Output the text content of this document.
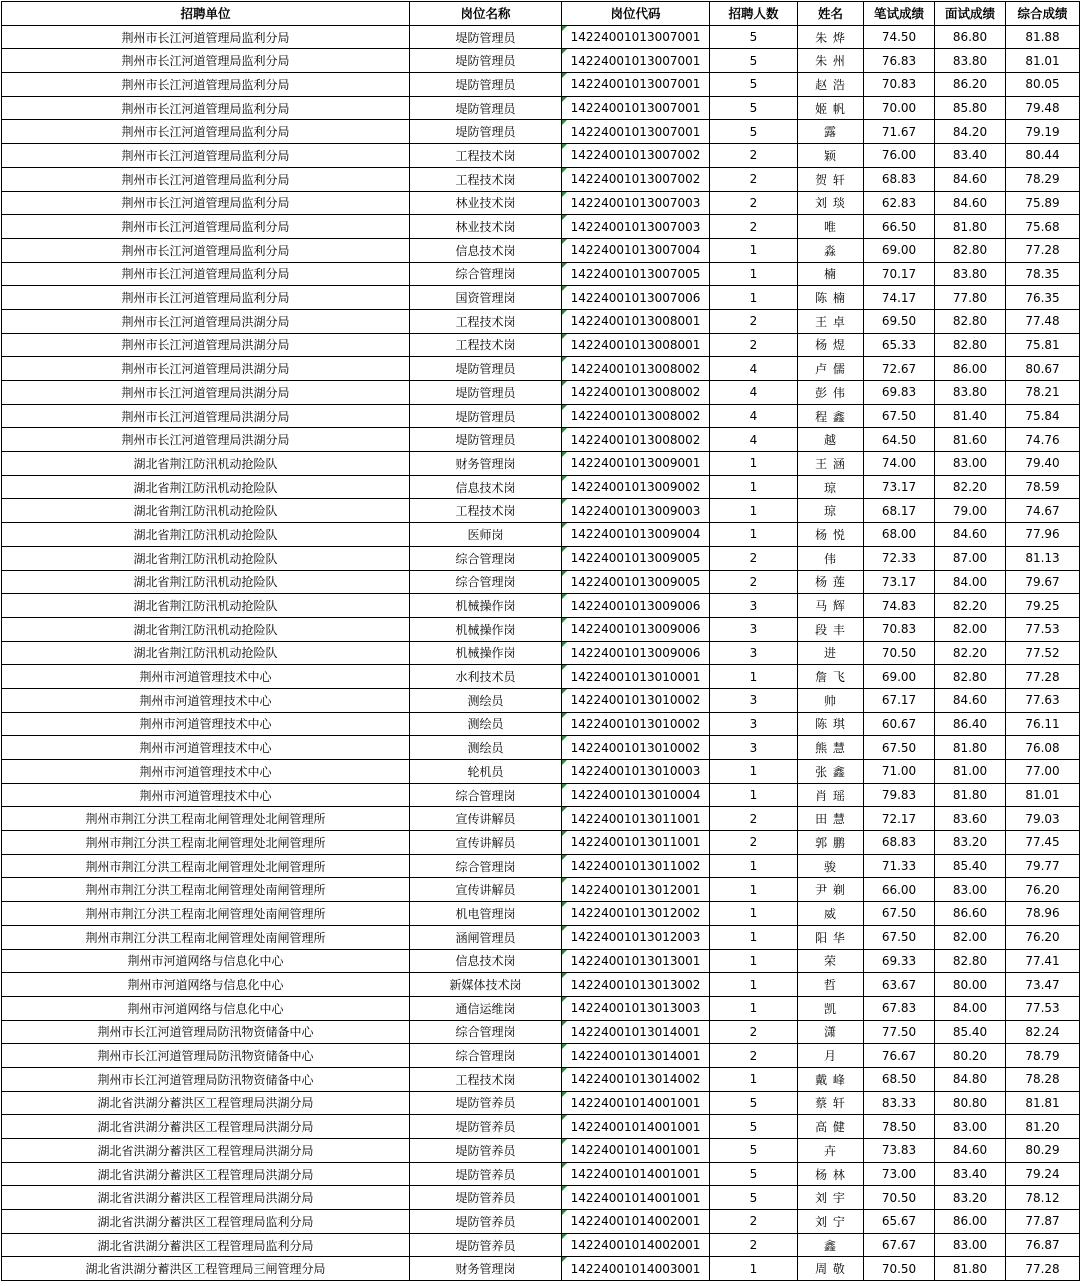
招聘单位	岗位名称	岗位代码	招聘人数	姓名	笔试成绩	面试成绩	综合成绩
荆州市长江河道管理局监利分局	堤防管理员	14224001013007001	5	朱 烨	74.50	86.80	81.88
荆州市长江河道管理局监利分局	堤防管理员	14224001013007001	5	朱 州	76.83	83.80	81.01
荆州市长江河道管理局监利分局	堤防管理员	14224001013007001	5	赵 浩	70.83	86.20	80.05
荆州市长江河道管理局监利分局	堤防管理员	14224001013007001	5	姬 帆	70.00	85.80	79.48
荆州市长江河道管理局监利分局	堤防管理员	14224001013007001	5	露	71.67	84.20	79.19
荆州市长江河道管理局监利分局	工程技术岗	14224001013007002	2	颖	76.00	83.40	80.44
荆州市长江河道管理局监利分局	工程技术岗	14224001013007002	2	贺 轩	68.83	84.60	78.29
荆州市长江河道管理局监利分局	林业技术岗	14224001013007003	2	刘 琰	62.83	84.60	75.89
荆州市长江河道管理局监利分局	林业技术岗	14224001013007003	2	唯	66.50	81.80	75.68
荆州市长江河道管理局监利分局	信息技术岗	14224001013007004	1	淼	69.00	82.80	77.28
荆州市长江河道管理局监利分局	综合管理岗	14224001013007005	1	楠	70.17	83.80	78.35
荆州市长江河道管理局监利分局	国资管理岗	14224001013007006	1	陈 楠	74.17	77.80	76.35
荆州市长江河道管理局洪湖分局	工程技术岗	14224001013008001	2	王 卓	69.50	82.80	77.48
荆州市长江河道管理局洪湖分局	工程技术岗	14224001013008001	2	杨 煜	65.33	82.80	75.81
荆州市长江河道管理局洪湖分局	堤防管理员	14224001013008002	4	卢 儒	72.67	86.00	80.67
荆州市长江河道管理局洪湖分局	堤防管理员	14224001013008002	4	彭 伟	69.83	83.80	78.21
荆州市长江河道管理局洪湖分局	堤防管理员	14224001013008002	4	程 鑫	67.50	81.40	75.84
荆州市长江河道管理局洪湖分局	堤防管理员	14224001013008002	4	越	64.50	81.60	74.76
湖北省荆江防汛机动抢险队	财务管理岗	14224001013009001	1	王 涵	74.00	83.00	79.40
湖北省荆江防汛机动抢险队	信息技术岗	14224001013009002	1	琼	73.17	82.20	78.59
湖北省荆江防汛机动抢险队	工程技术岗	14224001013009003	1	琼	68.17	79.00	74.67
湖北省荆江防汛机动抢险队	医师岗	14224001013009004	1	杨 悦	68.00	84.60	77.96
湖北省荆江防汛机动抢险队	综合管理岗	14224001013009005	2	伟	72.33	87.00	81.13
湖北省荆江防汛机动抢险队	综合管理岗	14224001013009005	2	杨 莲	73.17	84.00	79.67
湖北省荆江防汛机动抢险队	机械操作岗	14224001013009006	3	马 辉	74.83	82.20	79.25
湖北省荆江防汛机动抢险队	机械操作岗	14224001013009006	3	段 丰	70.83	82.00	77.53
湖北省荆江防汛机动抢险队	机械操作岗	14224001013009006	3	进	70.50	82.20	77.52
荆州市河道管理技术中心	水利技术员	14224001013010001	1	詹 飞	69.00	82.80	77.28
荆州市河道管理技术中心	测绘员	14224001013010002	3	帅	67.17	84.60	77.63
荆州市河道管理技术中心	测绘员	14224001013010002	3	陈 琪	60.67	86.40	76.11
荆州市河道管理技术中心	测绘员	14224001013010002	3	熊 慧	67.50	81.80	76.08
荆州市河道管理技术中心	轮机员	14224001013010003	1	张 鑫	71.00	81.00	77.00
荆州市河道管理技术中心	综合管理岗	14224001013010004	1	肖 瑶	79.83	81.80	81.01
荆州市荆江分洪工程南北闸管理处北闸管理所	宣传讲解员	14224001013011001	2	田 慧	72.17	83.60	79.03
荆州市荆江分洪工程南北闸管理处北闸管理所	宣传讲解员	14224001013011001	2	郭 鹏	68.83	83.20	77.45
荆州市荆江分洪工程南北闸管理处北闸管理所	综合管理岗	14224001013011002	1	骏	71.33	85.40	79.77
荆州市荆江分洪工程南北闸管理处南闸管理所	宣传讲解员	14224001013012001	1	尹 剃	66.00	83.00	76.20
荆州市荆江分洪工程南北闸管理处南闸管理所	机电管理岗	14224001013012002	1	威	67.50	86.60	78.96
荆州市荆江分洪工程南北闸管理处南闸管理所	涵闸管理员	14224001013012003	1	阳 华	67.50	82.00	76.20
荆州市河道网络与信息化中心	信息技术岗	14224001013013001	1	荣	69.33	82.80	77.41
荆州市河道网络与信息化中心	新媒体技术岗	14224001013013002	1	哲	63.67	80.00	73.47
荆州市河道网络与信息化中心	通信运维岗	14224001013013003	1	凯	67.83	84.00	77.53
荆州市长江河道管理局防汛物资储备中心	综合管理岗	14224001013014001	2	潇	77.50	85.40	82.24
荆州市长江河道管理局防汛物资储备中心	综合管理岗	14224001013014001	2	月	76.67	80.20	78.79
荆州市长江河道管理局防汛物资储备中心	工程技术岗	14224001013014002	1	戴 峰	68.50	84.80	78.28
湖北省洪湖分蓄洪区工程管理局洪湖分局	堤防管养员	14224001014001001	5	蔡 轩	83.33	80.80	81.81
湖北省洪湖分蓄洪区工程管理局洪湖分局	堤防管养员	14224001014001001	5	高 健	78.50	83.00	81.20
湖北省洪湖分蓄洪区工程管理局洪湖分局	堤防管养员	14224001014001001	5	卉	73.83	84.60	80.29
湖北省洪湖分蓄洪区工程管理局洪湖分局	堤防管养员	14224001014001001	5	杨 林	73.00	83.40	79.24
湖北省洪湖分蓄洪区工程管理局洪湖分局	堤防管养员	14224001014001001	5	刘 宇	70.50	83.20	78.12
湖北省洪湖分蓄洪区工程管理局监利分局	堤防管养员	14224001014002001	2	刘 宁	65.67	86.00	77.87
湖北省洪湖分蓄洪区工程管理局监利分局	堤防管养员	14224001014002001	2	鑫	67.67	83.00	76.87
湖北省洪湖分蓄洪区工程管理局三闸管理分局	财务管理岗	14224001014003001	1	周 敬	70.50	81.80	77.28
